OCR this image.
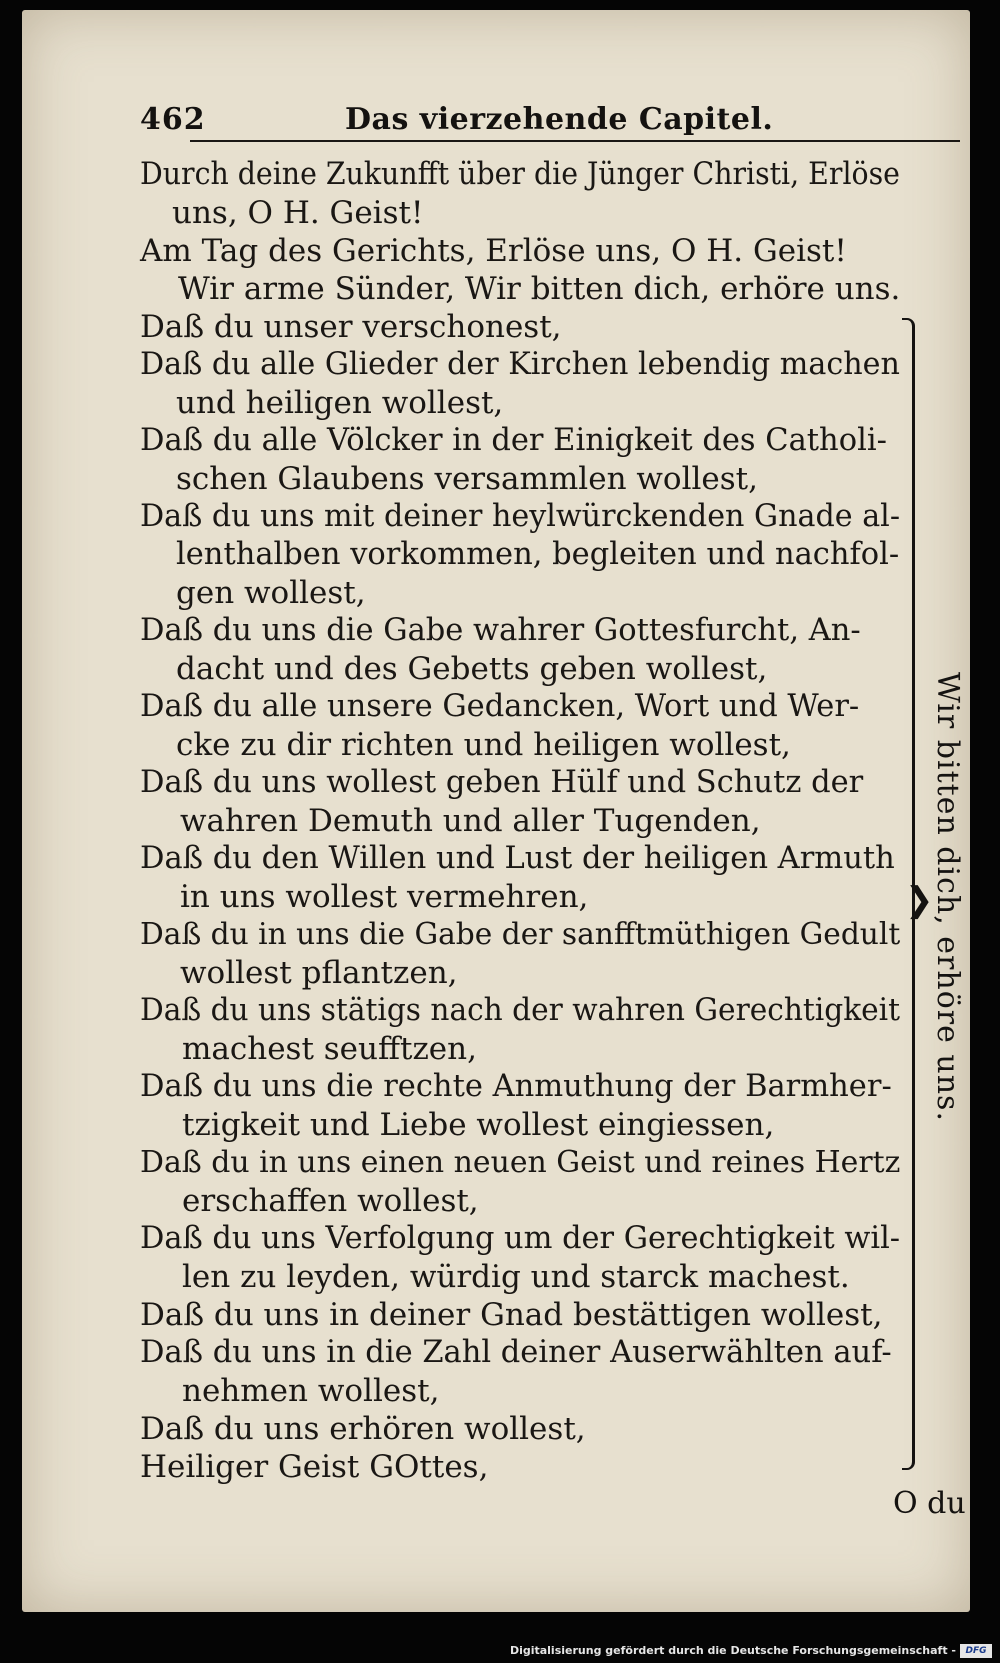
462	Das vierzehende Capitel.
Durch deine Zukunfft über die Jünger Christi, Erlöse
uns, O H. Geist!
Am Tag des Gerichts, Erlöse uns, O H. Geist!
Wir arme Sünder, Wir bitten dich, erhöre uns.
Daß du unser verschonest,
Daß du alle Glieder der Kirchen lebendig machen
und heiligen wollest,
Daß du alle Völcker in der Einigkeit des Catholi-
schen Glaubens versammlen wollest,
Daß du uns mit deiner heylwürckenden Gnade al-
lenthalben vorkommen, begleiten und nachfol-
gen wollest,
Daß du uns die Gabe wahrer Gottesfurcht, An-
dacht und des Gebetts geben wollest,
Daß du alle unsere Gedancken, Wort und Wer-
cke zu dir richten und heiligen wollest,
Daß du uns wollest geben Hülf und Schutz der
wahren Demuth und aller Tugenden,
Daß du den Willen und Lust der heiligen Armuth
in uns wollest vermehren,
Daß du in uns die Gabe der sanfftmüthigen Gedult
wollest pflantzen,
Daß du uns stätigs nach der wahren Gerechtigkeit
machest seufftzen,
Daß du uns die rechte Anmuthung der Barmher-
tzigkeit und Liebe wollest eingiessen,
Daß du in uns einen neuen Geist und reines Hertz
erschaffen wollest,
Daß du uns Verfolgung um der Gerechtigkeit wil-
len zu leyden, würdig und starck machest.
Daß du uns in deiner Gnad bestättigen wollest,
Daß du uns in die Zahl deiner Auserwählten auf-
nehmen wollest,
Daß du uns erhören wollest,
Heiliger Geist GOttes,
❯
Wir bitten dich, erhöre uns.
O du
Digitalisierung gefördert durch die Deutsche Forschungsgemeinschaft -	DFG
